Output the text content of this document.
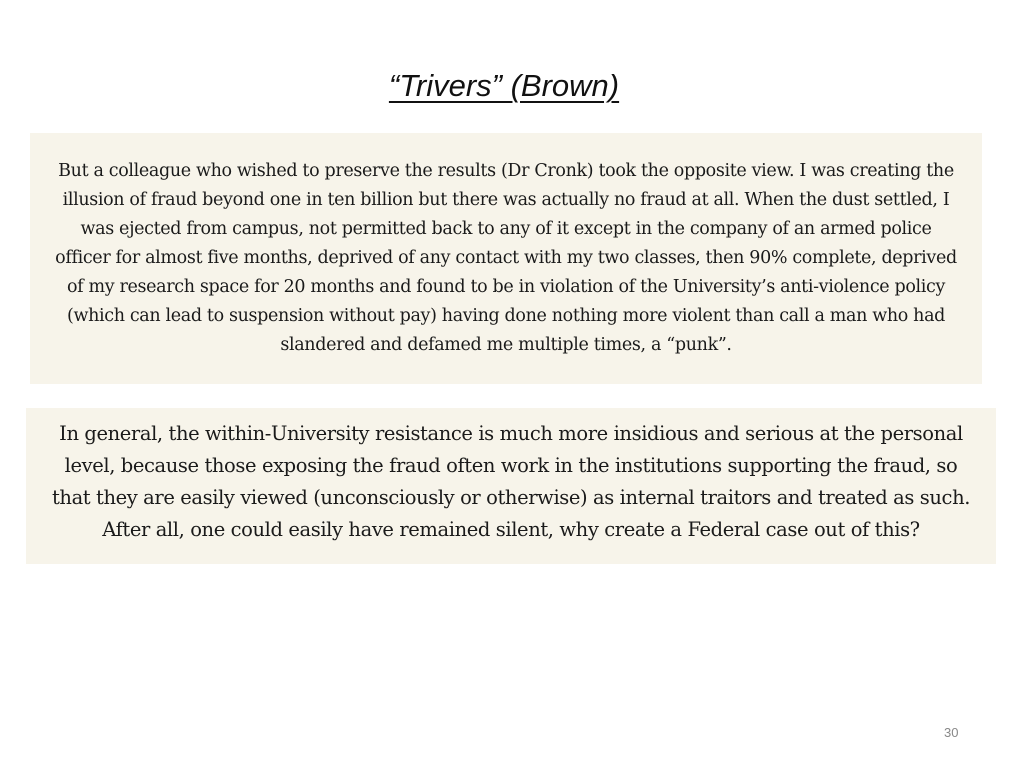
“Trivers” (Brown)

But a colleague who wished to preserve the results (Dr Cronk) took the opposite view. I was creating the illusion of fraud beyond one in ten billion but there was actually no fraud at all. When the dust settled, I was ejected from campus, not permitted back to any of it except in the company of an armed police officer for almost five months, deprived of any contact with my two classes, then 90% complete, deprived of my research space for 20 months and found to be in violation of the University’s anti-violence policy (which can lead to suspension without pay) having done nothing more violent than call a man who had slandered and defamed me multiple times, a “punk”.

In general, the within-University resistance is much more insidious and serious at the personal level, because those exposing the fraud often work in the institutions supporting the fraud, so that they are easily viewed (unconsciously or otherwise) as internal traitors and treated as such. After all, one could easily have remained silent, why create a Federal case out of this?

30
